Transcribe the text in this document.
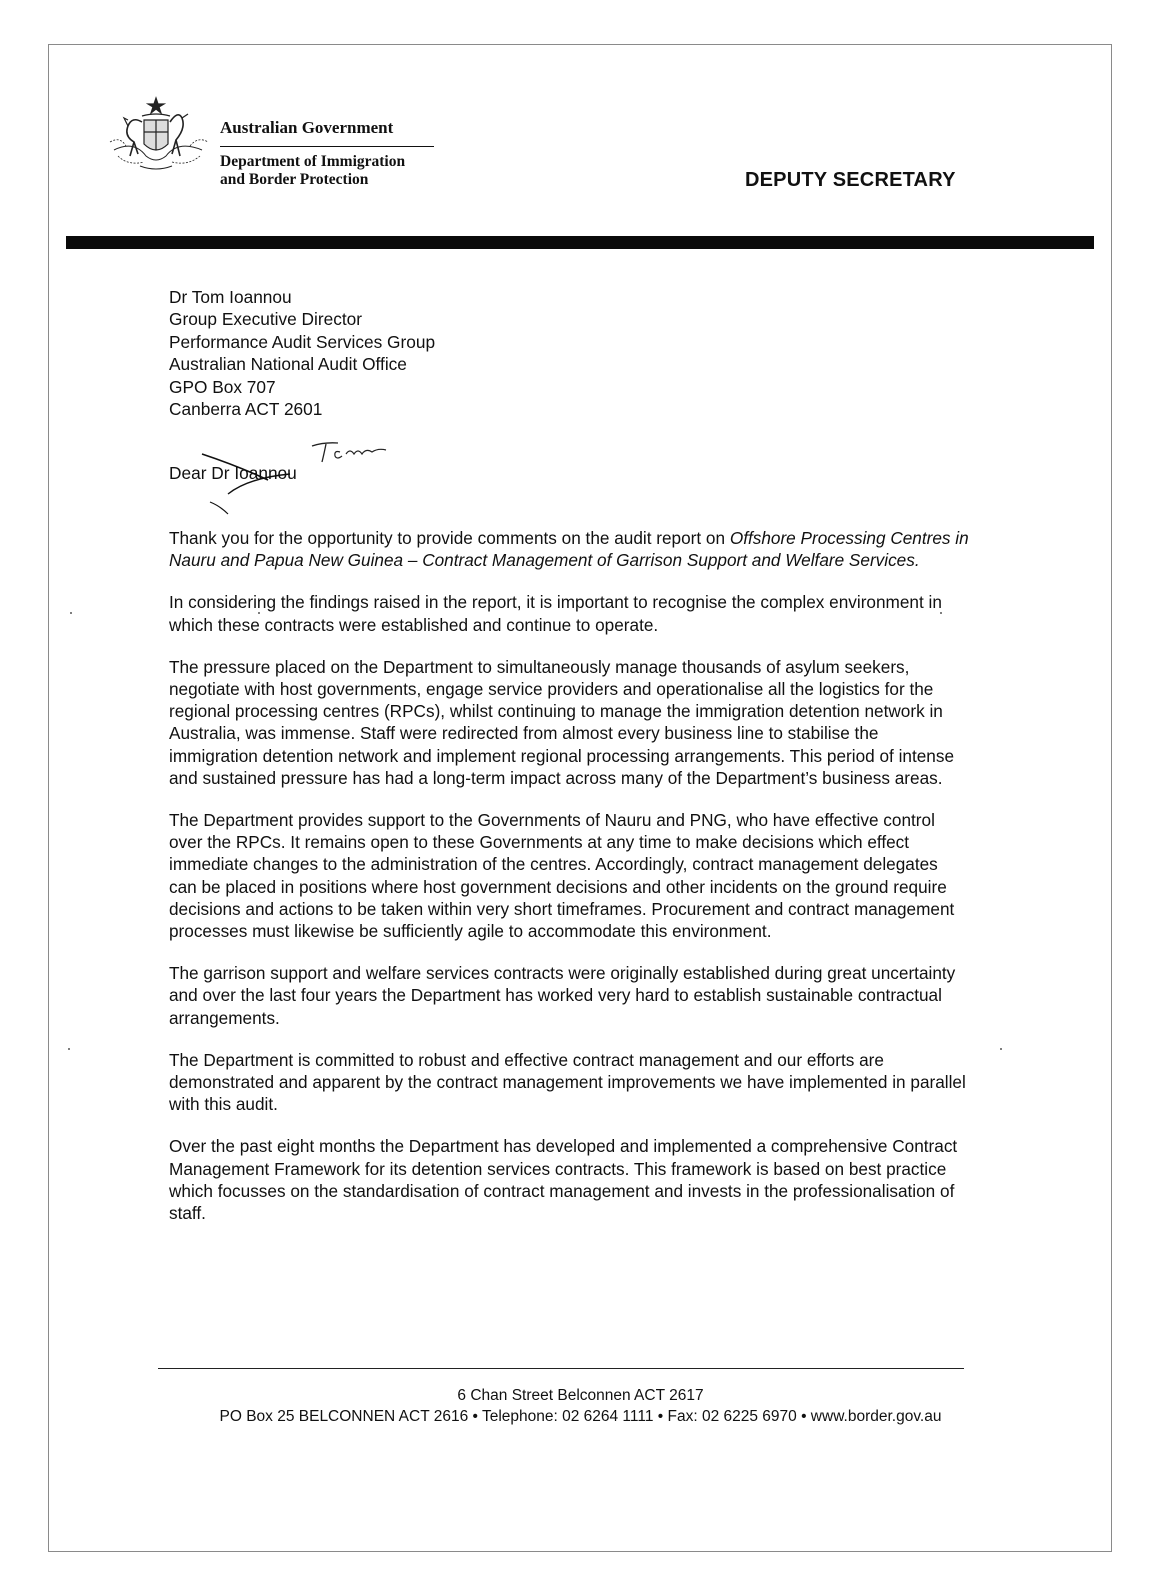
Australian Government
Department of Immigration
and Border Protection	DEPUTY SECRETARY
Dr Tom Ioannou
Group Executive Director
Performance Audit Services Group
Australian National Audit Office
GPO Box 707
Canberra ACT 2601
Dear Dr Ioannou

Thank you for the opportunity to provide comments on the audit report on Offshore Processing Centres in Nauru and Papua New Guinea – Contract Management of Garrison Support and Welfare Services.

In considering the findings raised in the report, it is important to recognise the complex environment in which these contracts were established and continue to operate.

The pressure placed on the Department to simultaneously manage thousands of asylum seekers, negotiate with host governments, engage service providers and operationalise all the logistics for the regional processing centres (RPCs), whilst continuing to manage the immigration detention network in Australia, was immense. Staff were redirected from almost every business line to stabilise the immigration detention network and implement regional processing arrangements. This period of intense and sustained pressure has had a long-term impact across many of the Department’s business areas.

The Department provides support to the Governments of Nauru and PNG, who have effective control over the RPCs. It remains open to these Governments at any time to make decisions which effect immediate changes to the administration of the centres. Accordingly, contract management delegates can be placed in positions where host government decisions and other incidents on the ground require decisions and actions to be taken within very short timeframes. Procurement and contract management processes must likewise be sufficiently agile to accommodate this environment.

The garrison support and welfare services contracts were originally established during great uncertainty and over the last four years the Department has worked very hard to establish sustainable contractual arrangements.

The Department is committed to robust and effective contract management and our efforts are demonstrated and apparent by the contract management improvements we have implemented in parallel with this audit.

Over the past eight months the Department has developed and implemented a comprehensive Contract Management Framework for its detention services contracts. This framework is based on best practice which focusses on the standardisation of contract management and invests in the professionalisation of staff.

6 Chan Street Belconnen ACT 2617
PO Box 25 BELCONNEN ACT 2616 • Telephone: 02 6264 1111 • Fax: 02 6225 6970 • www.border.gov.au
